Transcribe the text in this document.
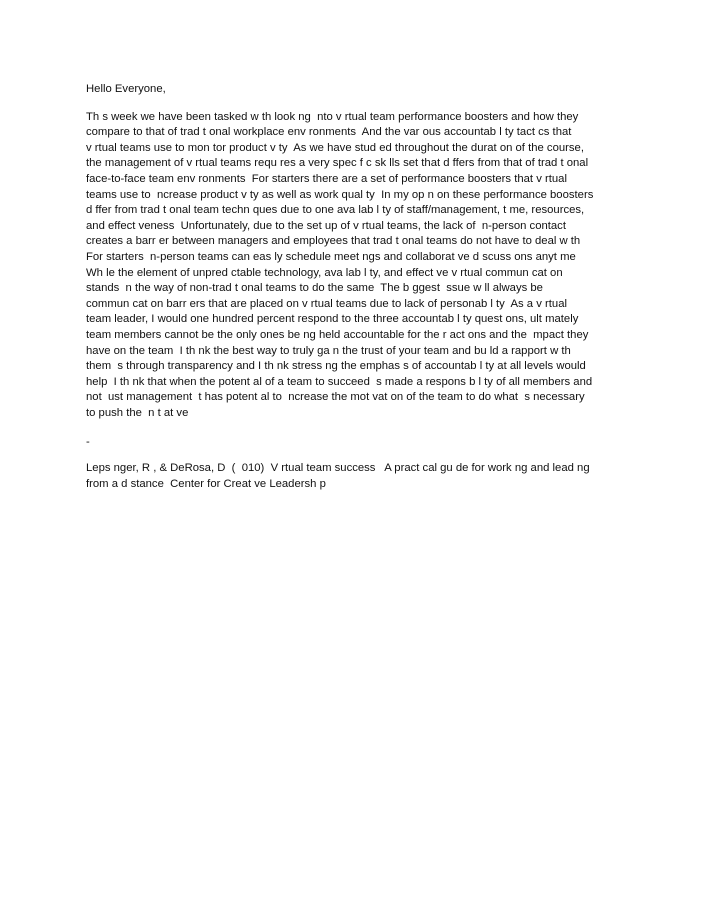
Hello Everyone,

Th s week we have been tasked w th look ng  nto v rtual team performance boosters and how they
compare to that of trad t onal workplace env ronments  And the var ous accountab l ty tact cs that
v rtual teams use to mon tor product v ty  As we have stud ed throughout the durat on of the course,
the management of v rtual teams requ res a very spec f c sk lls set that d ffers from that of trad t onal
face-to-face team env ronments  For starters there are a set of performance boosters that v rtual
teams use to  ncrease product v ty as well as work qual ty  In my op n on these performance boosters
d ffer from trad t onal team techn ques due to one ava lab l ty of staff/management, t me, resources,
and effect veness  Unfortunately, due to the set up of v rtual teams, the lack of  n-person contact
creates a barr er between managers and employees that trad t onal teams do not have to deal w th
For starters  n-person teams can eas ly schedule meet ngs and collaborat ve d scuss ons anyt me
Wh le the element of unpred ctable technology, ava lab l ty, and effect ve v rtual commun cat on
stands  n the way of non-trad t onal teams to do the same  The b ggest  ssue w ll always be
commun cat on barr ers that are placed on v rtual teams due to lack of personab l ty  As a v rtual
team leader, I would one hundred percent respond to the three accountab l ty quest ons, ult mately
team members cannot be the only ones be ng held accountable for the r act ons and the  mpact they
have on the team  I th nk the best way to truly ga n the trust of your team and bu ld a rapport w th
them  s through transparency and I th nk stress ng the emphas s of accountab l ty at all levels would
help  I th nk that when the potent al of a team to succeed  s made a respons b l ty of all members and
not  ust management  t has potent al to  ncrease the mot vat on of the team to do what  s necessary
to push the  n t at ve

-

Leps nger, R , & DeRosa, D  (  010)  V rtual team success   A pract cal gu de for work ng and lead ng
from a d stance  Center for Creat ve Leadersh p
